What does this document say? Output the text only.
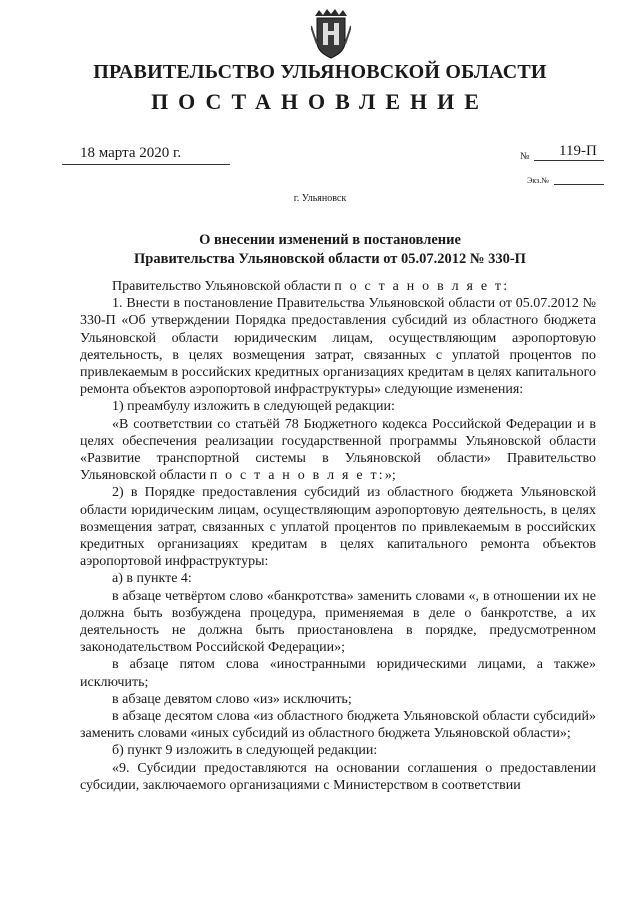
ПРАВИТЕЛЬСТВО УЛЬЯНОВСКОЙ ОБЛАСТИ
ПОСТАНОВЛЕНИЕ
18 марта 2020 г.	№ 119-П
Экз.№
г. Ульяновск
О внесении изменений в постановление
Правительства Ульяновской области от 05.07.2012 № 330-П

Правительство Ульяновской области п о с т а н о в л я е т:

1. Внести в постановление Правительства Ульяновской области от 05.07.2012 № 330-П «Об утверждении Порядка предоставления субсидий из областного бюджета Ульяновской области юридическим лицам, осуществляющим аэропортовую деятельность, в целях возмещения затрат, связанных с уплатой процентов по привлекаемым в российских кредитных организациях кредитам в целях капитального ремонта объектов аэропортовой инфраструктуры» следующие изменения:

1) преамбулу изложить в следующей редакции:

«В соответствии со статьёй 78 Бюджетного кодекса Российской Федерации и в целях обеспечения реализации государственной программы Ульяновской области «Развитие транспортной системы в Ульяновской области» Правительство Ульяновской области п о с т а н о в л я е т:»;

2) в Порядке предоставления субсидий из областного бюджета Ульяновской области юридическим лицам, осуществляющим аэропортовую деятельность, в целях возмещения затрат, связанных с уплатой процентов по привлекаемым в российских кредитных организациях кредитам в целях капитального ремонта объектов аэропортовой инфраструктуры:

а) в пункте 4:

в абзаце четвёртом слово «банкротства» заменить словами «, в отношении их не должна быть возбуждена процедура, применяемая в деле о банкротстве, а их деятельность не должна быть приостановлена в порядке, предусмотренном законодательством Российской Федерации»;

в абзаце пятом слова «иностранными юридическими лицами, а также» исключить;

в абзаце девятом слово «из» исключить;

в абзаце десятом слова «из областного бюджета Ульяновской области субсидий» заменить словами «иных субсидий из областного бюджета Ульяновской области»;

б) пункт 9 изложить в следующей редакции:

«9. Субсидии предоставляются на основании соглашения о предоставлении субсидии, заключаемого организациями с Министерством в соответствии
